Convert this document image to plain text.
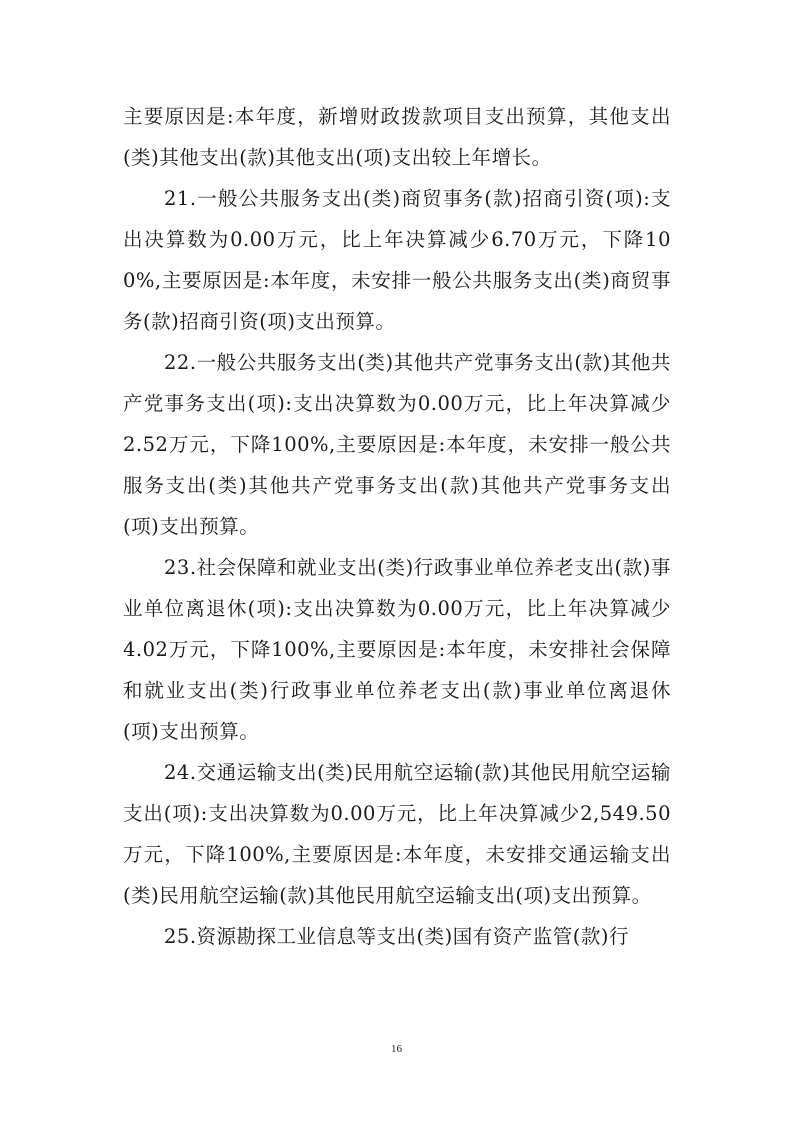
主要原因是:本年度，新增财政拨款项目支出预算，其他支出(类)其他支出(款)其他支出(项)支出较上年增长。

21.一般公共服务支出(类)商贸事务(款)招商引资(项):支出决算数为0.00万元，比上年决算减少6.70万元，下降100%,主要原因是:本年度，未安排一般公共服务支出(类)商贸事务(款)招商引资(项)支出预算。

22.一般公共服务支出(类)其他共产党事务支出(款)其他共产党事务支出(项):支出决算数为0.00万元，比上年决算减少2.52万元，下降100%,主要原因是:本年度，未安排一般公共服务支出(类)其他共产党事务支出(款)其他共产党事务支出(项)支出预算。

23.社会保障和就业支出(类)行政事业单位养老支出(款)事业单位离退休(项):支出决算数为0.00万元，比上年决算减少4.02万元，下降100%,主要原因是:本年度，未安排社会保障和就业支出(类)行政事业单位养老支出(款)事业单位离退休(项)支出预算。

24.交通运输支出(类)民用航空运输(款)其他民用航空运输支出(项):支出决算数为0.00万元，比上年决算减少2,549.50万元，下降100%,主要原因是:本年度，未安排交通运输支出(类)民用航空运输(款)其他民用航空运输支出(项)支出预算。

25.资源勘探工业信息等支出(类)国有资产监管(款)行

16
